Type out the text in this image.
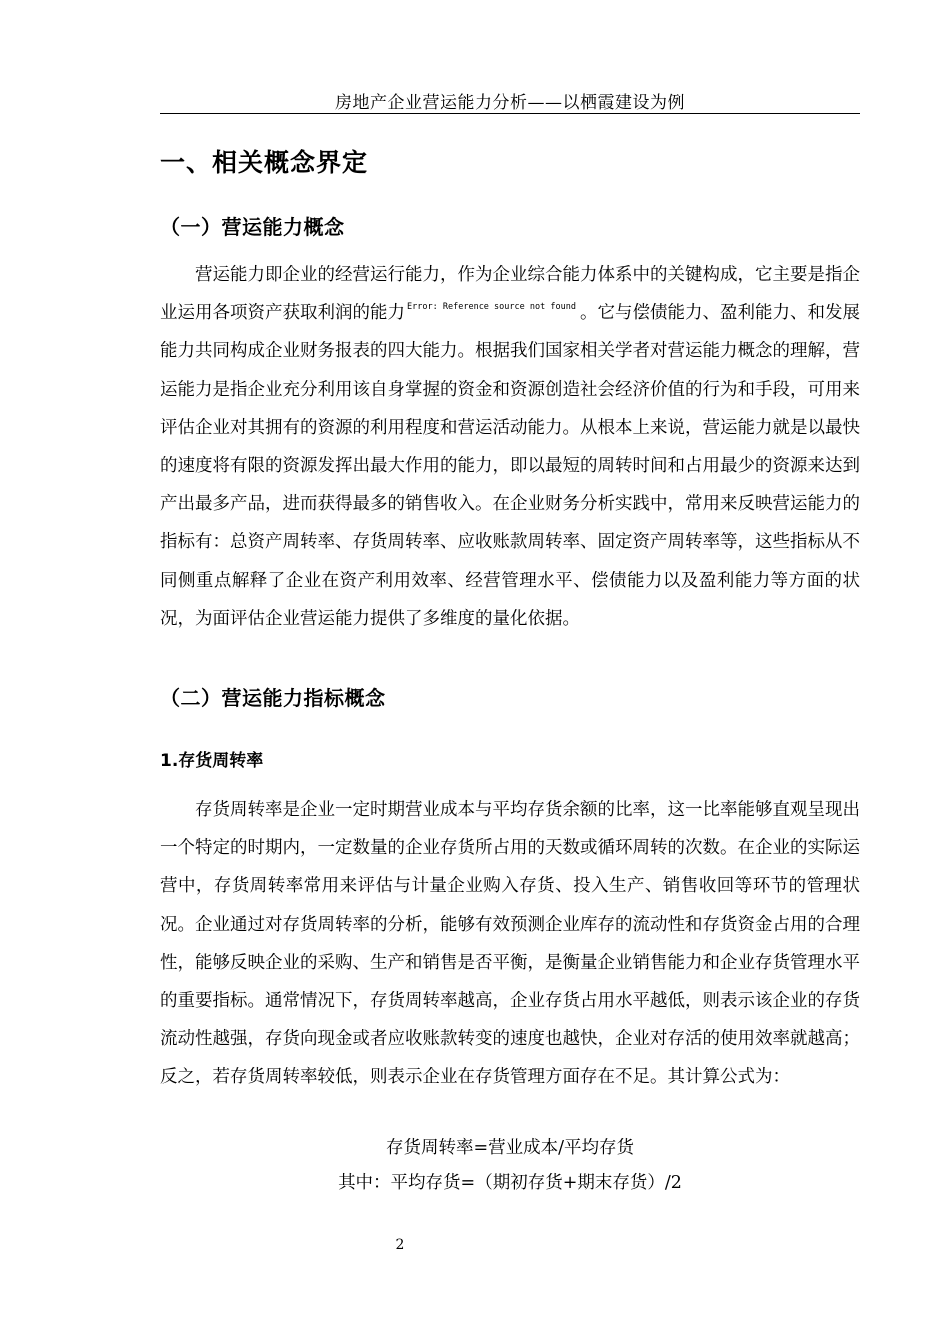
房地产企业营运能力分析——以栖霞建设为例
一、相关概念界定
（一）营运能力概念

营运能力即企业的经营运行能力，作为企业综合能力体系中的关键构成，它主要是指企业运用各项资产获取利润的能力 $^{Error: Reference source not found}$ 。它与偿债能力、盈利能力、和发展能力共同构成企业财务报表的四大能力。根据我们国家相关学者对营运能力概念的理解，营运能力是指企业充分利用该自身掌握的资金和资源创造社会经济价值的行为和手段，可用来评估企业对其拥有的资源的利用程度和营运活动能力。从根本上来说，营运能力就是以最快的速度将有限的资源发挥出最大作用的能力，即以最短的周转时间和占用最少的资源来达到产出最多产品，进而获得最多的销售收入。在企业财务分析实践中，常用来反映营运能力的指标有：总资产周转率、存货周转率、应收账款周转率、固定资产周转率等，这些指标从不同侧重点解释了企业在资产利用效率、经营管理水平、偿债能力以及盈利能力等方面的状况，为面评估企业营运能力提供了多维度的量化依据。

（二）营运能力指标概念
1.存货周转率

存货周转率是企业一定时期营业成本与平均存货余额的比率，这一比率能够直观呈现出一个特定的时期内，一定数量的企业存货所占用的天数或循环周转的次数。在企业的实际运营中，存货周转率常用来评估与计量企业购入存货、投入生产、销售收回等环节的管理状况。企业通过对存货周转率的分析，能够有效预测企业库存的流动性和存货资金占用的合理性，能够反映企业的采购、生产和销售是否平衡，是衡量企业销售能力和企业存货管理水平的重要指标。通常情况下，存货周转率越高，企业存货占用水平越低，则表示该企业的存货流动性越强，存货向现金或者应收账款转变的速度也越快，企业对存活的使用效率就越高；反之，若存货周转率较低，则表示企业在存货管理方面存在不足。其计算公式为：

存货周转率=营业成本/平均存货
其中：平均存货=（期初存货+期末存货）/2
2
